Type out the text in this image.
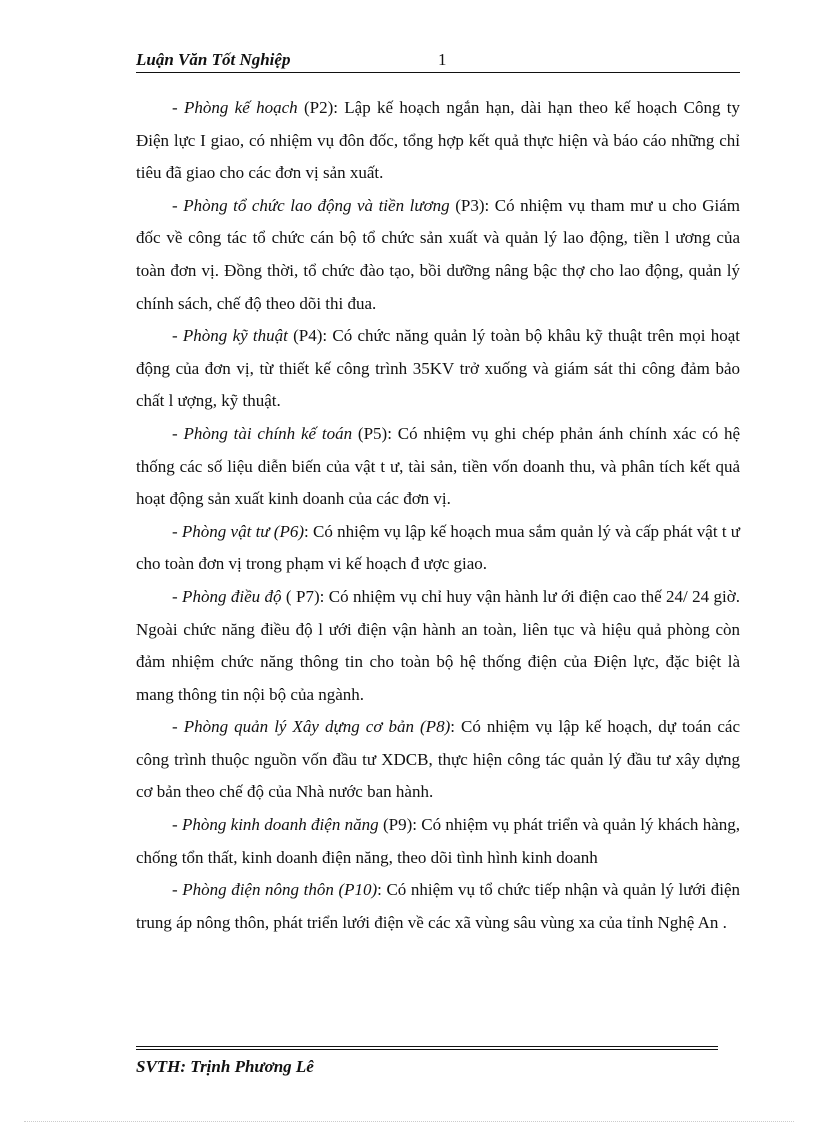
Luận Văn Tốt Nghiệp	1

- Phòng kế hoạch (P2): Lập kế hoạch ngắn hạn, dài hạn theo kế hoạch Công ty Điện lực I giao, có nhiệm vụ đôn đốc, tổng hợp kết quả thực hiện và báo cáo những chỉ tiêu đã giao cho các đơn vị sản xuất.

- Phòng tổ chức lao động và tiền lương (P3): Có nhiệm vụ tham mư u cho Giám đốc về công tác tổ chức cán bộ tổ chức sản xuất và quản lý lao động, tiền l ương của toàn đơn vị. Đồng thời, tổ chức đào tạo, bồi dưỡng nâng bậc thợ cho lao động, quản lý chính sách, chế độ theo dõi thi đua.

- Phòng kỹ thuật (P4): Có chức năng quản lý toàn bộ khâu kỹ thuật trên mọi hoạt động của đơn vị, từ thiết kế công trình 35KV trở xuống và giám sát thi công đảm bảo chất l ượng, kỹ thuật.

- Phòng tài chính kế toán (P5): Có nhiệm vụ ghi chép phản ánh chính xác có hệ thống các số liệu diễn biến của vật t ư, tài sản, tiền vốn doanh thu, và phân tích kết quả hoạt động sản xuất kinh doanh của các đơn vị.

- Phòng vật tư (P6): Có nhiệm vụ lập kế hoạch mua sắm quản lý và cấp phát vật t ư cho toàn đơn vị trong phạm vi kế hoạch đ ược giao.

- Phòng điều độ ( P7): Có nhiệm vụ chỉ huy vận hành lư ới điện cao thế 24/ 24 giờ. Ngoài chức năng điều độ l ưới điện vận hành an toàn, liên tục và hiệu quả phòng còn đảm nhiệm chức năng thông tin cho toàn bộ hệ thống điện của Điện lực, đặc biệt là mang thông tin nội bộ của ngành.

- Phòng quản lý Xây dựng cơ bản (P8): Có nhiệm vụ lập kế hoạch, dự toán các công trình thuộc nguồn vốn đầu tư XDCB, thực hiện công tác quản lý đầu tư xây dựng cơ bản theo chế độ của Nhà nước ban hành.

- Phòng kinh doanh điện năng (P9): Có nhiệm vụ phát triển và quản lý khách hàng, chống tổn thất, kinh doanh điện năng, theo dõi tình hình kinh doanh

- Phòng điện nông thôn (P10): Có nhiệm vụ tổ chức tiếp nhận và quản lý lưới điện trung áp nông thôn, phát triển lưới điện về các xã vùng sâu vùng xa của tỉnh Nghệ An .

SVTH: Trịnh Phương Lê
